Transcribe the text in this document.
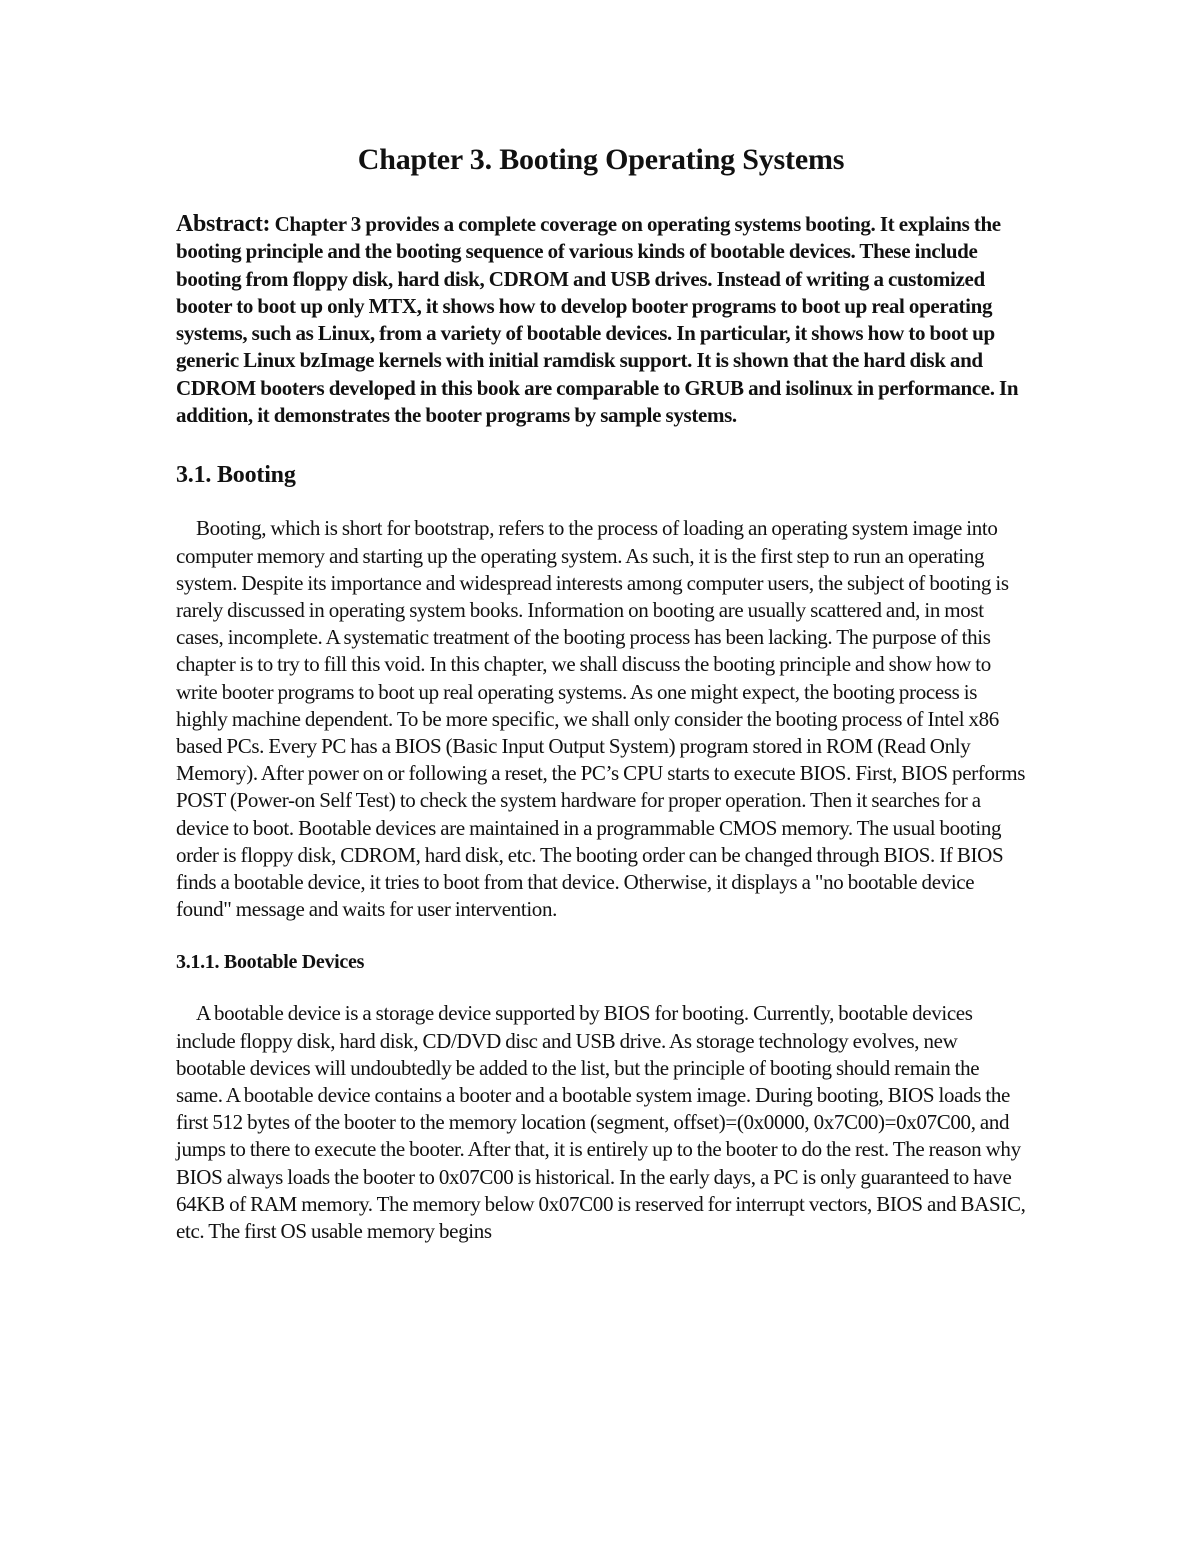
Chapter 3. Booting Operating Systems

Abstract: Chapter 3 provides a complete coverage on operating systems booting. It explains the booting principle and the booting sequence of various kinds of bootable devices. These include booting from floppy disk, hard disk, CDROM and USB drives. Instead of writing a customized booter to boot up only MTX, it shows how to develop booter programs to boot up real operating systems, such as Linux, from a variety of bootable devices. In particular, it shows how to boot up generic Linux bzImage kernels with initial ramdisk support. It is shown that the hard disk and CDROM booters developed in this book are comparable to GRUB and isolinux in performance. In addition, it demonstrates the booter programs by sample systems.

3.1. Booting

Booting, which is short for bootstrap, refers to the process of loading an operating system image into computer memory and starting up the operating system. As such, it is the first step to run an operating system. Despite its importance and widespread interests among computer users, the subject of booting is rarely discussed in operating system books. Information on booting are usually scattered and, in most cases, incomplete. A systematic treatment of the booting process has been lacking. The purpose of this chapter is to try to fill this void. In this chapter, we shall discuss the booting principle and show how to write booter programs to boot up real operating systems. As one might expect, the booting process is highly machine dependent. To be more specific, we shall only consider the booting process of Intel x86 based PCs. Every PC has a BIOS (Basic Input Output System) program stored in ROM (Read Only Memory). After power on or following a reset, the PC’s CPU starts to execute BIOS. First, BIOS performs POST (Power-on Self Test) to check the system hardware for proper operation. Then it searches for a device to boot. Bootable devices are maintained in a programmable CMOS memory. The usual booting order is floppy disk, CDROM, hard disk, etc. The booting order can be changed through BIOS. If BIOS finds a bootable device, it tries to boot from that device. Otherwise, it displays a "no bootable device found" message and waits for user intervention.

3.1.1. Bootable Devices

A bootable device is a storage device supported by BIOS for booting. Currently, bootable devices include floppy disk, hard disk, CD/DVD disc and USB drive. As storage technology evolves, new bootable devices will undoubtedly be added to the list, but the principle of booting should remain the same. A bootable device contains a booter and a bootable system image. During booting, BIOS loads the first 512 bytes of the booter to the memory location (segment, offset)=(0x0000, 0x7C00)=0x07C00, and jumps to there to execute the booter. After that, it is entirely up to the booter to do the rest. The reason why BIOS always loads the booter to 0x07C00 is historical. In the early days, a PC is only guaranteed to have 64KB of RAM memory. The memory below 0x07C00 is reserved for interrupt vectors, BIOS and BASIC, etc. The first OS usable memory begins
